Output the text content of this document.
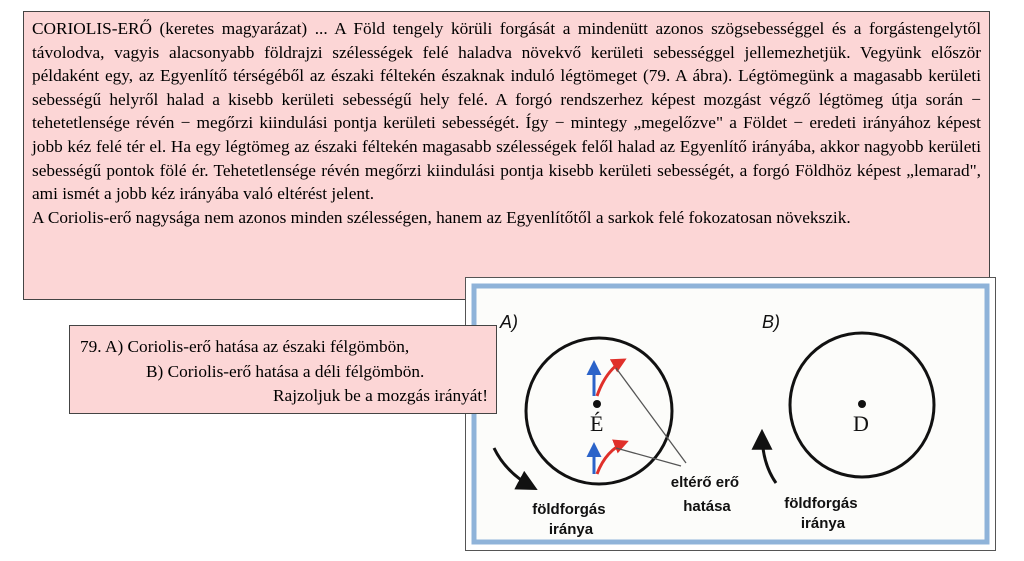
CORIOLIS-ERŐ (keretes magyarázat) ... A Föld tengely körüli forgását a mindenütt azonos szögsebességgel és a forgástengelytől távolodva, vagyis alacsonyabb földrajzi szélességek felé haladva növekvő kerületi sebességgel jellemezhetjük. Vegyünk először példaként egy, az Egyenlítő térségéből az északi féltekén északnak induló légtömeget (79. A ábra). Légtömegünk a magasabb kerületi sebességű helyről halad a kisebb kerületi sebességű hely felé. A forgó rendszerhez képest mozgást végző légtömeg útja során − tehetetlensége révén − megőrzi kiindulási pontja kerületi sebességét. Így − mintegy „megelőzve" a Földet − eredeti irányához képest jobb kéz felé tér el. Ha egy légtömeg az északi féltekén magasabb szélességek felől halad az Egyenlítő irányába, akkor nagyobb kerületi sebességű pontok fölé ér. Tehetetlensége révén megőrzi kiindulási pontja kisebb kerületi sebességét, a forgó Földhöz képest „lemarad", ami ismét a jobb kéz irányába való eltérést jelent.

A Coriolis-erő nagysága nem azonos minden szélességen, hanem az Egyenlítőtől a sarkok felé fokozatosan növekszik.

A)	B)
É
földforgás iránya
eltérő erő hatása
D
földforgás iránya
79. A) Coriolis-erő hatása az északi félgömbön,
B) Coriolis-erő hatása a déli félgömbön.
Rajzoljuk be a mozgás irányát!
